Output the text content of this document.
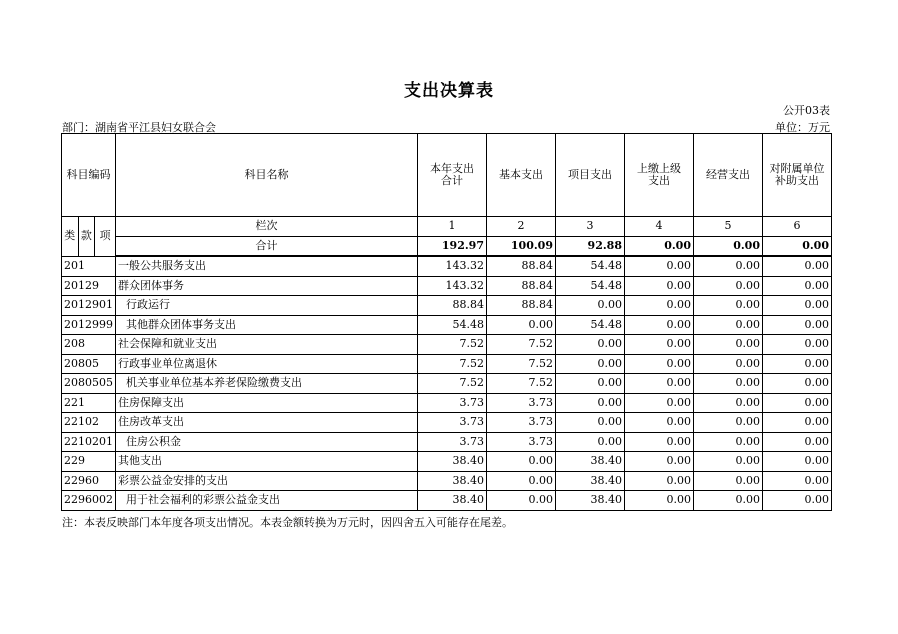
支出决算表
公开03表
部门：湖南省平江县妇女联合会	单位：万元
科目编码			科目名称	本年支出合计	基本支出	项目支出	上缴上级支出	经营支出	对附属单位补助支出
类	款	项	栏次	1	2	3	4	5	6
			合计	192.97	100.09	92.88	0.00	0.00	0.00
201			一般公共服务支出	143.32	88.84	54.48	0.00	0.00	0.00
20129			群众团体事务	143.32	88.84	54.48	0.00	0.00	0.00
2012901			行政运行	88.84	88.84	0.00	0.00	0.00	0.00
2012999			其他群众团体事务支出	54.48	0.00	54.48	0.00	0.00	0.00
208			社会保障和就业支出	7.52	7.52	0.00	0.00	0.00	0.00
20805			行政事业单位离退休	7.52	7.52	0.00	0.00	0.00	0.00
2080505			机关事业单位基本养老保险缴费支出	7.52	7.52	0.00	0.00	0.00	0.00
221			住房保障支出	3.73	3.73	0.00	0.00	0.00	0.00
22102			住房改革支出	3.73	3.73	0.00	0.00	0.00	0.00
2210201			住房公积金	3.73	3.73	0.00	0.00	0.00	0.00
229			其他支出	38.40	0.00	38.40	0.00	0.00	0.00
22960			彩票公益金安排的支出	38.40	0.00	38.40	0.00	0.00	0.00
2296002			用于社会福利的彩票公益金支出	38.40	0.00	38.40	0.00	0.00	0.00
注：本表反映部门本年度各项支出情况。本表金额转换为万元时，因四舍五入可能存在尾差。
